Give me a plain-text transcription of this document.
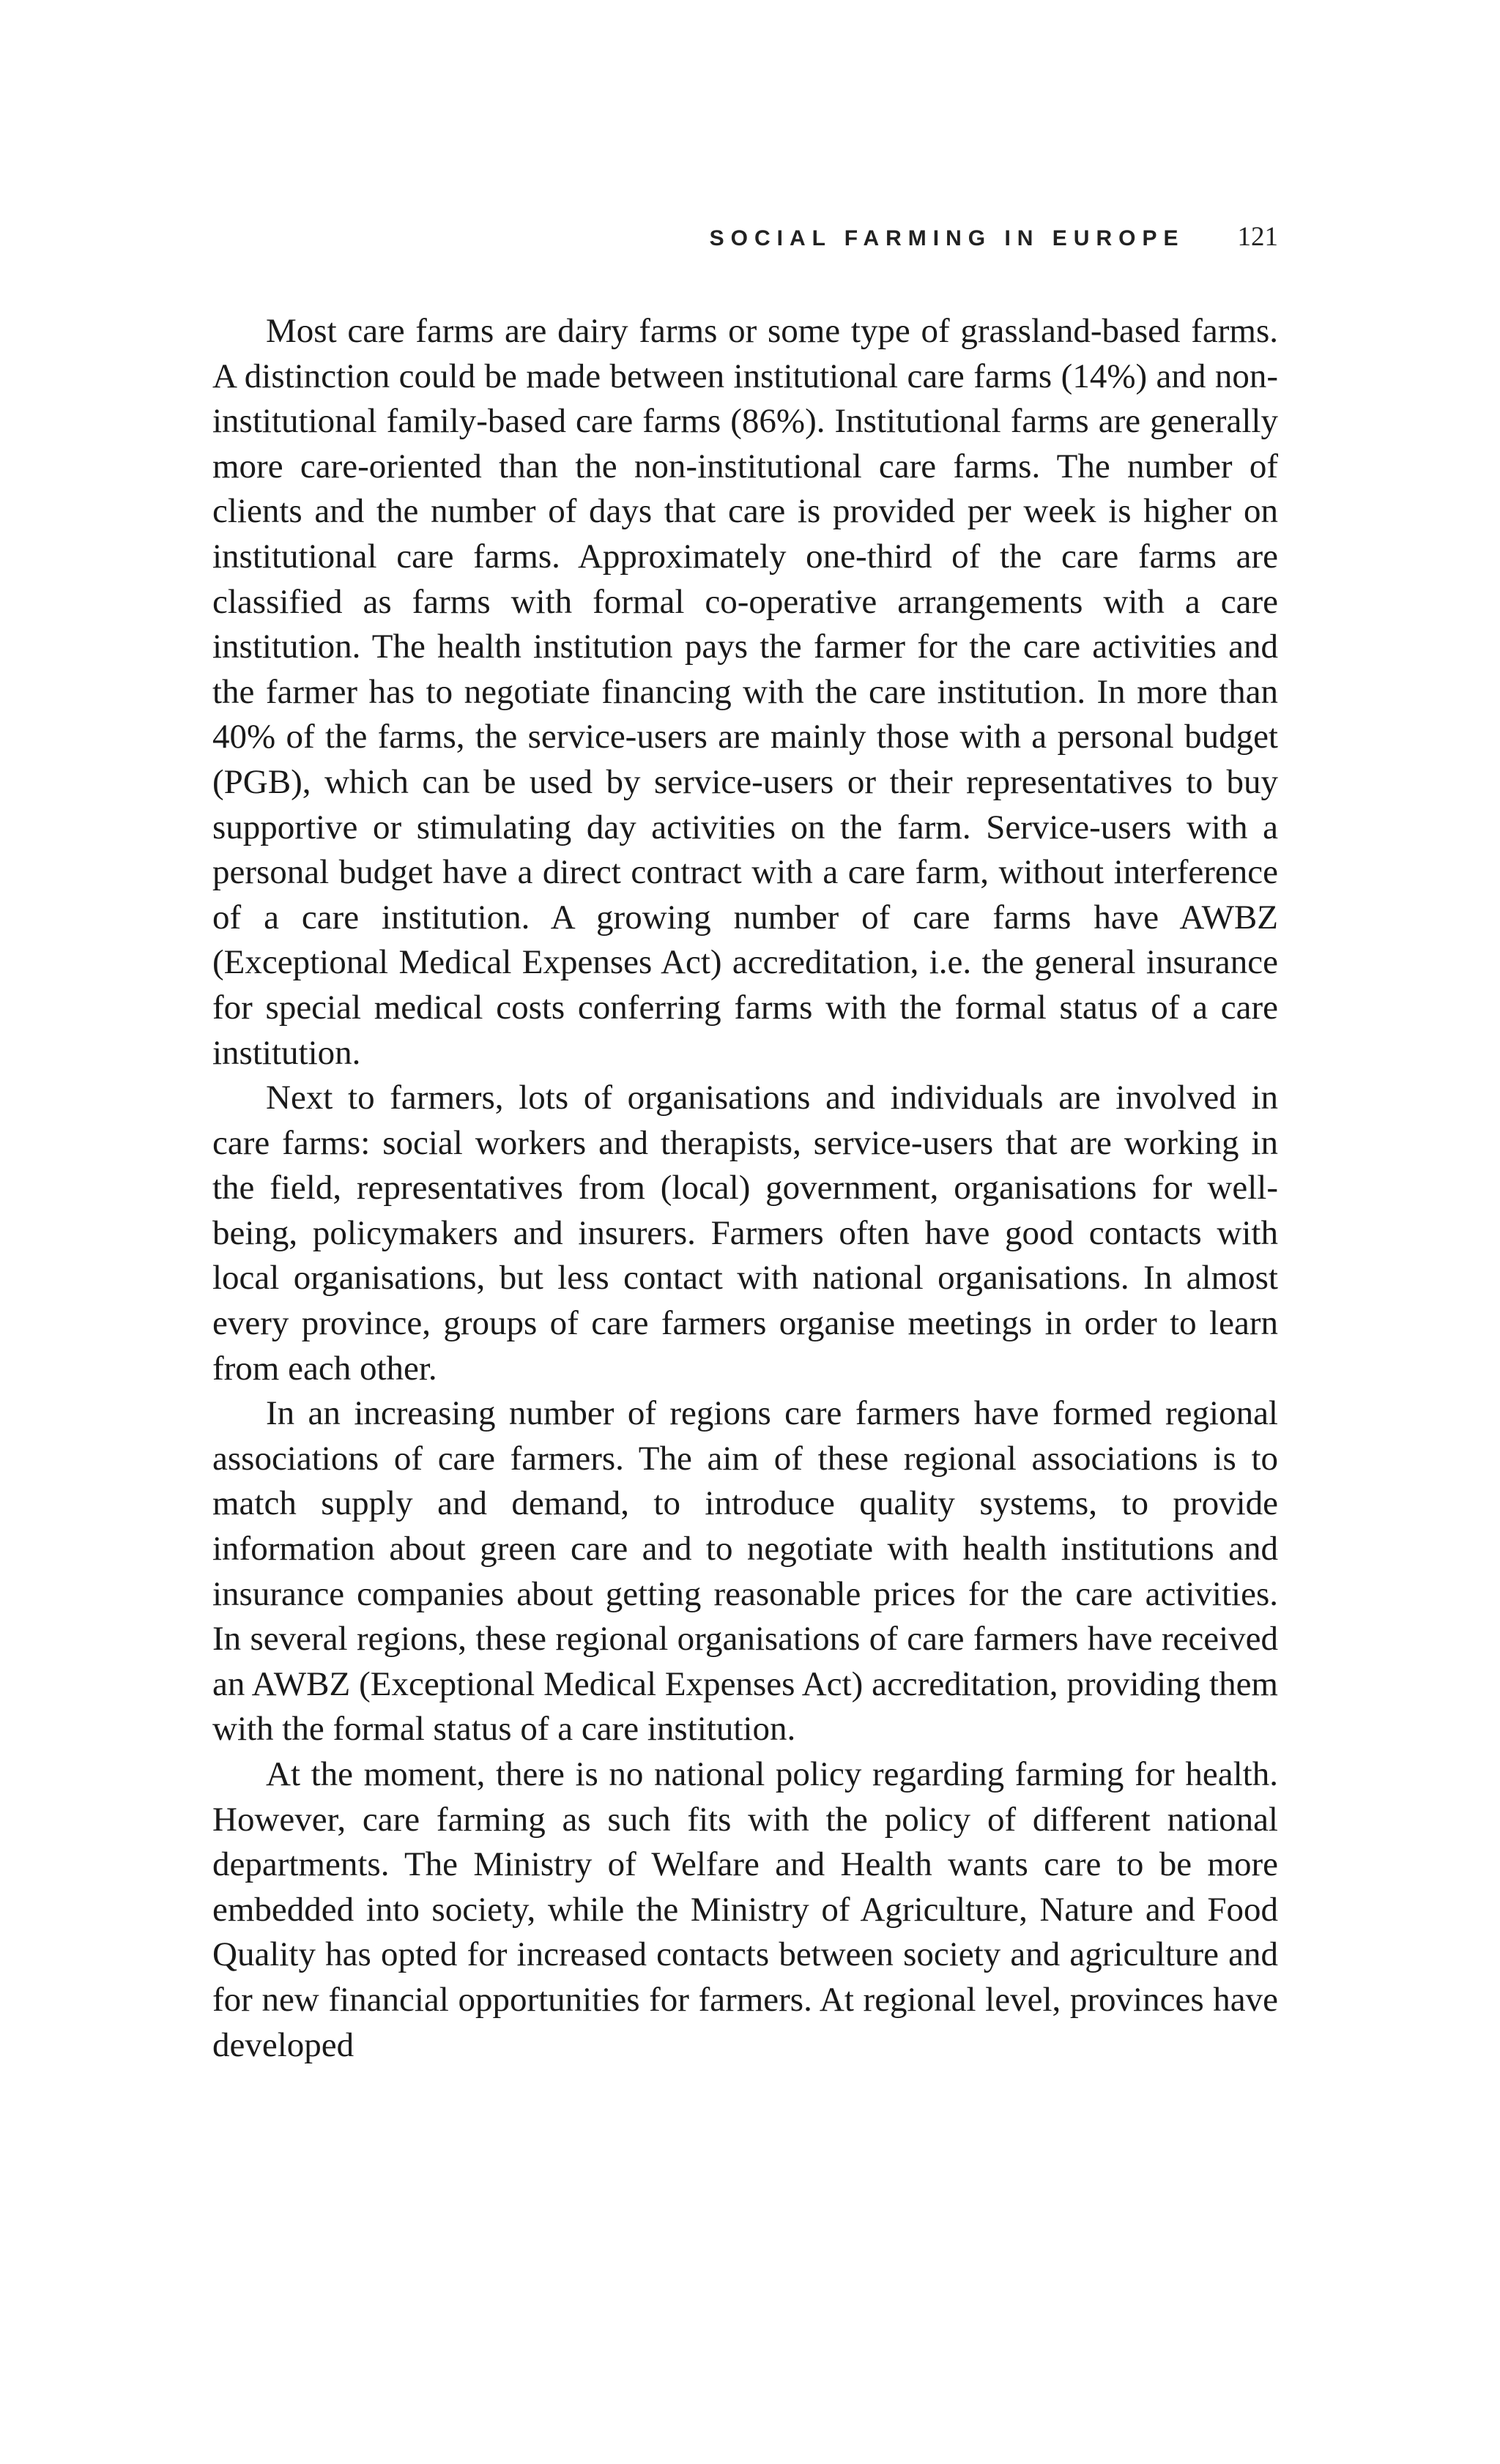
SOCIAL FARMING IN EUROPE 121

Most care farms are dairy farms or some type of grassland-based farms. A distinction could be made between institutional care farms (14%) and non-institutional family-based care farms (86%). Institutional farms are generally more care-oriented than the non-institutional care farms. The number of clients and the number of days that care is provided per week is higher on institutional care farms. Approximately one-third of the care farms are classified as farms with formal co-operative arrangements with a care institution. The health institution pays the farmer for the care activities and the farmer has to negotiate financing with the care institution. In more than 40% of the farms, the service-users are mainly those with a personal budget (PGB), which can be used by service-users or their representatives to buy supportive or stimulating day activities on the farm. Service-users with a personal budget have a direct contract with a care farm, without interference of a care institution. A growing number of care farms have AWBZ (Exceptional Medical Expenses Act) accreditation, i.e. the general insurance for special medical costs conferring farms with the formal status of a care institution.

Next to farmers, lots of organisations and individuals are involved in care farms: social workers and therapists, service-users that are working in the field, representatives from (local) government, organisations for well-being, policymakers and insurers. Farmers often have good contacts with local organisations, but less contact with national organisations. In almost every province, groups of care farmers organise meetings in order to learn from each other.

In an increasing number of regions care farmers have formed regional associations of care farmers. The aim of these regional associations is to match supply and demand, to introduce quality systems, to provide information about green care and to negotiate with health institutions and insurance companies about getting reasonable prices for the care activities. In several regions, these regional organisations of care farmers have received an AWBZ (Exceptional Medical Expenses Act) accreditation, providing them with the formal status of a care institution.

At the moment, there is no national policy regarding farming for health. However, care farming as such fits with the policy of different national departments. The Ministry of Welfare and Health wants care to be more embedded into society, while the Ministry of Agriculture, Nature and Food Quality has opted for increased contacts between society and agriculture and for new financial opportunities for farmers. At regional level, provinces have developed
